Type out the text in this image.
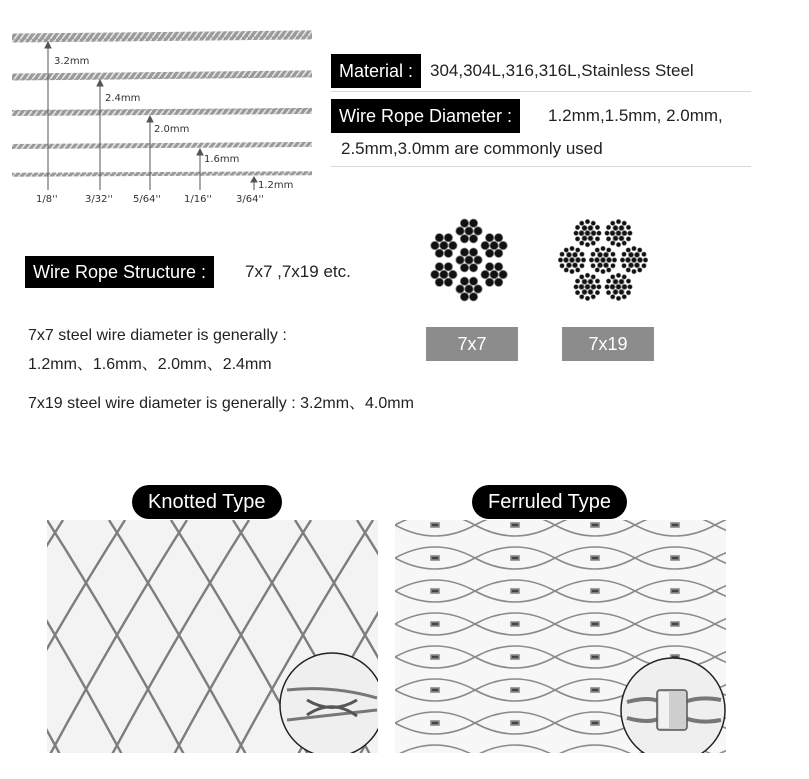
3.2mm
2.4mm
2.0mm
1.6mm
1.2mm
1/8''	3/32'' 5/64'' 1/16'' 3/64''
Material : 304,304L,316,316L,Stainless Steel
Wire Rope Diameter :	1.2mm,1.5mm, 2.0mm,
2.5mm,3.0mm are commonly used
Wire Rope Structure :	7x7 ,7x19 etc.
7x7	7x19
7x7 steel wire diameter is generally :
1.2mm、1.6mm、2.0mm、2.4mm
7x19 steel wire diameter is generally : 3.2mm、4.0mm
Knotted Type	Ferruled Type
